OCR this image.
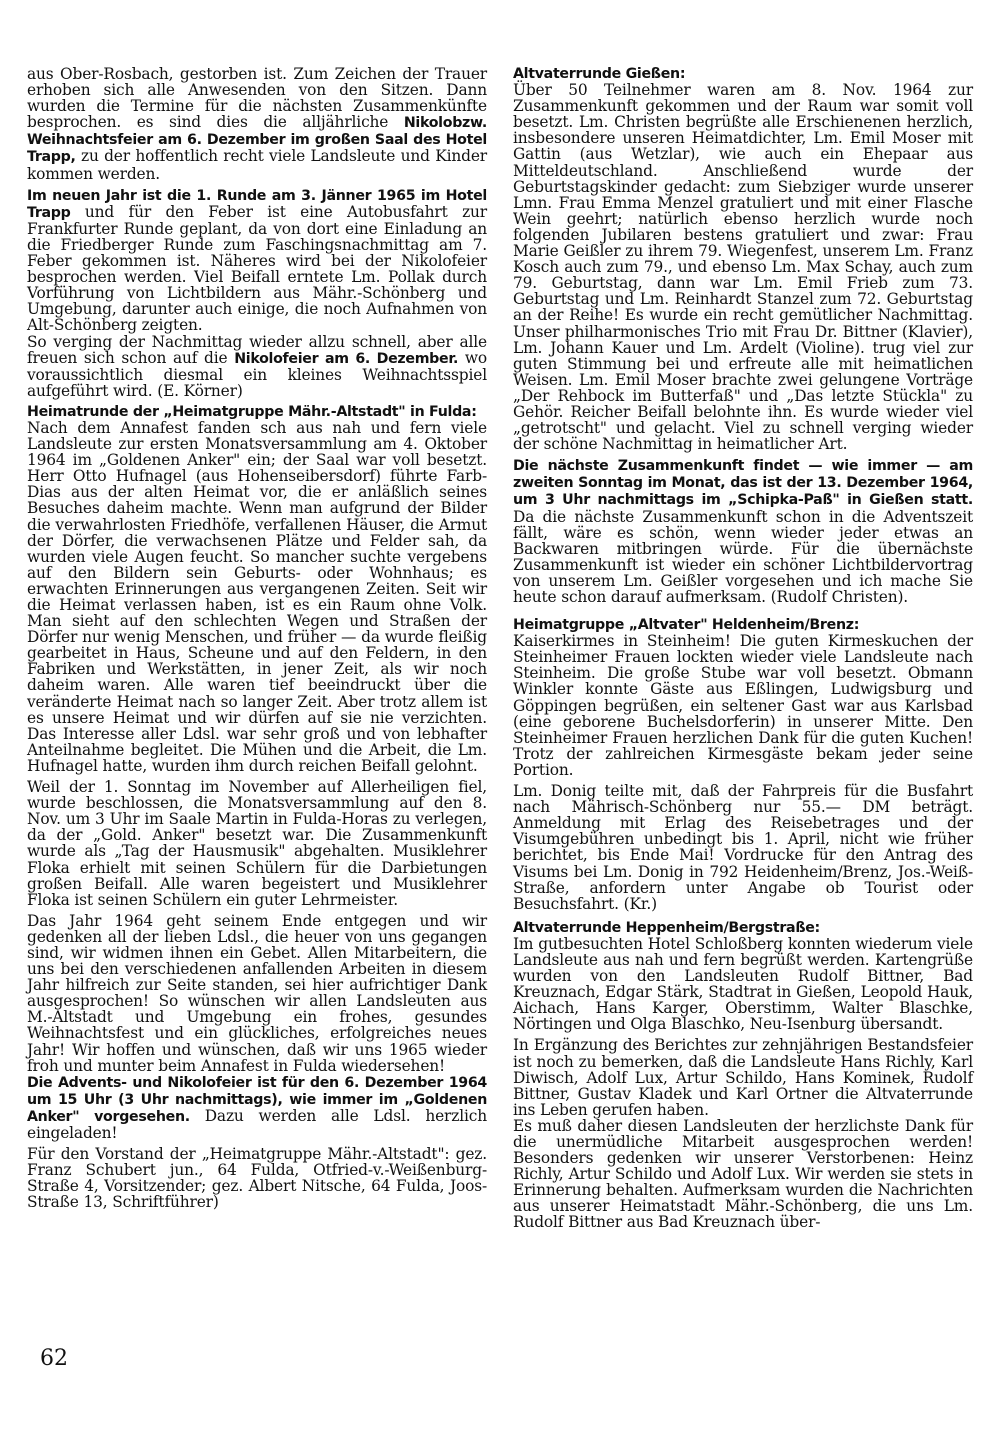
aus Ober-Rosbach, gestorben ist. Zum Zeichen der Trauer erhoben sich alle Anwesenden von den Sitzen. Dann wurden die Termine für die nächsten Zusammenkünfte besprochen. es sind dies die alljährliche Nikolobzw. Weihnachtsfeier am 6. Dezember im großen Saal des Hotel Trapp, zu der hoffentlich recht viele Landsleute und Kinder kommen werden.

Im neuen Jahr ist die 1. Runde am 3. Jänner 1965 im Hotel Trapp und für den Feber ist eine Autobusfahrt zur Frankfurter Runde geplant, da von dort eine Einladung an die Friedberger Runde zum Faschingsnachmittag am 7. Feber gekommen ist. Näheres wird bei der Nikolofeier besprochen werden. Viel Beifall erntete Lm. Pollak durch Vorführung von Lichtbildern aus Mähr.-Schönberg und Umgebung, darunter auch einige, die noch Aufnahmen von Alt-Schönberg zeigten.

So verging der Nachmittag wieder allzu schnell, aber alle freuen sich schon auf die Nikolofeier am 6. Dezember. wo voraussichtlich diesmal ein kleines Weihnachtsspiel aufgeführt wird. (E. Körner)

Heimatrunde der „Heimatgruppe Mähr.-Altstadt" in Fulda:

Nach dem Annafest fanden sch aus nah und fern viele Landsleute zur ersten Monatsversammlung am 4. Oktober 1964 im „Goldenen Anker" ein; der Saal war voll besetzt. Herr Otto Hufnagel (aus Hohenseibersdorf) führte Farb-Dias aus der alten Heimat vor, die er anläßlich seines Besuches daheim machte. Wenn man aufgrund der Bilder die verwahrlosten Friedhöfe, verfallenen Häuser, die Armut der Dörfer, die verwachsenen Plätze und Felder sah, da wurden viele Augen feucht. So mancher suchte vergebens auf den Bildern sein Geburts- oder Wohnhaus; es erwachten Erinnerungen aus vergangenen Zeiten. Seit wir die Heimat verlassen haben, ist es ein Raum ohne Volk. Man sieht auf den schlechten Wegen und Straßen der Dörfer nur wenig Menschen, und früher — da wurde fleißig gearbeitet in Haus, Scheune und auf den Feldern, in den Fabriken und Werkstätten, in jener Zeit, als wir noch daheim waren. Alle waren tief beeindruckt über die veränderte Heimat nach so langer Zeit. Aber trotz allem ist es unsere Heimat und wir dürfen auf sie nie verzichten. Das Interesse aller Ldsl. war sehr groß und von lebhafter Anteilnahme begleitet. Die Mühen und die Arbeit, die Lm. Hufnagel hatte, wurden ihm durch reichen Beifall gelohnt.

Weil der 1. Sonntag im November auf Allerheiligen fiel, wurde beschlossen, die Monatsversammlung auf den 8. Nov. um 3 Uhr im Saale Martin in Fulda-Horas zu verlegen, da der „Gold. Anker" besetzt war. Die Zusammenkunft wurde als „Tag der Hausmusik" abgehalten. Musiklehrer Floka erhielt mit seinen Schülern für die Darbietungen großen Beifall. Alle waren begeistert und Musiklehrer Floka ist seinen Schülern ein guter Lehrmeister.

Das Jahr 1964 geht seinem Ende entgegen und wir gedenken all der lieben Ldsl., die heuer von uns gegangen sind, wir widmen ihnen ein Gebet. Allen Mitarbeitern, die uns bei den verschiedenen anfallenden Arbeiten in diesem Jahr hilfreich zur Seite standen, sei hier aufrichtiger Dank ausgesprochen! So wünschen wir allen Landsleuten aus M.-Altstadt und Umgebung ein frohes, gesundes Weihnachtsfest und ein glückliches, erfolgreiches neues Jahr! Wir hoffen und wünschen, daß wir uns 1965 wieder froh und munter beim Annafest in Fulda wiedersehen!

Die Advents- und Nikolofeier ist für den 6. Dezember 1964 um 15 Uhr (3 Uhr nachmittags), wie immer im „Goldenen Anker" vorgesehen. Dazu werden alle Ldsl. herzlich eingeladen!

Für den Vorstand der „Heimatgruppe Mähr.-Altstadt": gez. Franz Schubert jun., 64 Fulda, Otfried-v.-Weißenburg-Straße 4, Vorsitzender; gez. Albert Nitsche, 64 Fulda, Joos-Straße 13, Schriftführer)

Altvaterrunde Gießen:

Über 50 Teilnehmer waren am 8. Nov. 1964 zur Zusammenkunft gekommen und der Raum war somit voll besetzt. Lm. Christen begrüßte alle Erschienenen herzlich, insbesondere unseren Heimatdichter, Lm. Emil Moser mit Gattin (aus Wetzlar), wie auch ein Ehepaar aus Mitteldeutschland. Anschließend wurde der Geburtstagskinder gedacht: zum Siebziger wurde unserer Lmn. Frau Emma Menzel gratuliert und mit einer Flasche Wein geehrt; natürlich ebenso herzlich wurde noch folgenden Jubilaren bestens gratuliert und zwar: Frau Marie Geißler zu ihrem 79. Wiegenfest, unserem Lm. Franz Kosch auch zum 79., und ebenso Lm. Max Schay, auch zum 79. Geburtstag, dann war Lm. Emil Frieb zum 73. Geburtstag und Lm. Reinhardt Stanzel zum 72. Geburtstag an der Reihe! Es wurde ein recht gemütlicher Nachmittag. Unser philharmonisches Trio mit Frau Dr. Bittner (Klavier), Lm. Johann Kauer und Lm. Ardelt (Violine). trug viel zur guten Stimmung bei und erfreute alle mit heimatlichen Weisen. Lm. Emil Moser brachte zwei gelungene Vorträge „Der Rehbock im Butterfaß" und „Das letzte Stückla" zu Gehör. Reicher Beifall belohnte ihn. Es wurde wieder viel „getrotscht" und gelacht. Viel zu schnell verging wieder der schöne Nachmittag in heimatlicher Art.

Die nächste Zusammenkunft findet — wie immer — am zweiten Sonntag im Monat, das ist der 13. Dezember 1964, um 3 Uhr nachmittags im „Schipka-Paß" in Gießen statt. Da die nächste Zusammenkunft schon in die Adventszeit fällt, wäre es schön, wenn wieder jeder etwas an Backwaren mitbringen würde. Für die übernächste Zusammenkunft ist wieder ein schöner Lichtbildervortrag von unserem Lm. Geißler vorgesehen und ich mache Sie heute schon darauf aufmerksam. (Rudolf Christen).

Heimatgruppe „Altvater" Heldenheim/Brenz:

Kaiserkirmes in Steinheim! Die guten Kirmeskuchen der Steinheimer Frauen lockten wieder viele Landsleute nach Steinheim. Die große Stube war voll besetzt. Obmann Winkler konnte Gäste aus Eßlingen, Ludwigsburg und Göppingen begrüßen, ein seltener Gast war aus Karlsbad (eine geborene Buchelsdorferin) in unserer Mitte. Den Steinheimer Frauen herzlichen Dank für die guten Kuchen! Trotz der zahlreichen Kirmesgäste bekam jeder seine Portion.

Lm. Donig teilte mit, daß der Fahrpreis für die Busfahrt nach Mährisch-Schönberg nur 55.— DM beträgt. Anmeldung mit Erlag des Reisebetrages und der Visumgebühren unbedingt bis 1. April, nicht wie früher berichtet, bis Ende Mai! Vordrucke für den Antrag des Visums bei Lm. Donig in 792 Heidenheim/Brenz, Jos.-Weiß-Straße, anfordern unter Angabe ob Tourist oder Besuchsfahrt. (Kr.)

Altvaterrunde Heppenheim/Bergstraße:

Im gutbesuchten Hotel Schloßberg konnten wiederum viele Landsleute aus nah und fern begrüßt werden. Kartengrüße wurden von den Landsleuten Rudolf Bittner, Bad Kreuznach, Edgar Stärk, Stadtrat in Gießen, Leopold Hauk, Aichach, Hans Karger, Oberstimm, Walter Blaschke, Nörtingen und Olga Blaschko, Neu-Isenburg übersandt.

In Ergänzung des Berichtes zur zehnjährigen Bestandsfeier ist noch zu bemerken, daß die Landsleute Hans Richly, Karl Diwisch, Adolf Lux, Artur Schildo, Hans Kominek, Rudolf Bittner, Gustav Kladek und Karl Ortner die Altvaterrunde ins Leben gerufen haben.

Es muß daher diesen Landsleuten der herzlichste Dank für die unermüdliche Mitarbeit ausgesprochen werden! Besonders gedenken wir unserer Verstorbenen: Heinz Richly, Artur Schildo und Adolf Lux. Wir werden sie stets in Erinnerung behalten. Aufmerksam wurden die Nachrichten aus unserer Heimatstadt Mähr.-Schönberg, die uns Lm. Rudolf Bittner aus Bad Kreuznach über-

62
